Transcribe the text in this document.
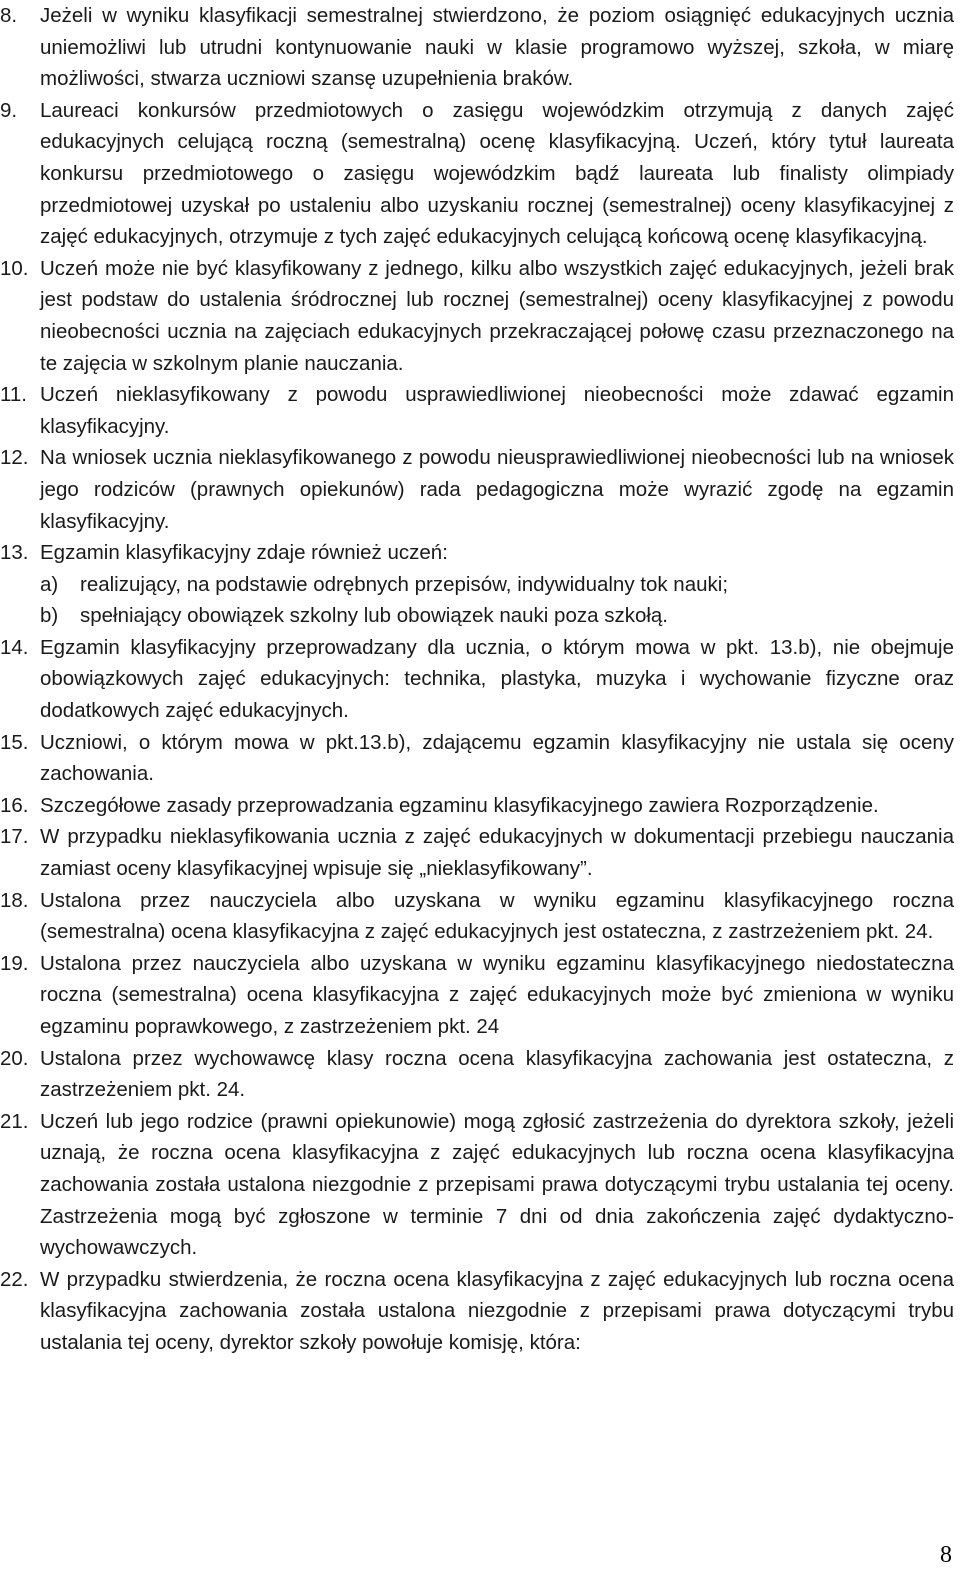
8. Jeżeli w wyniku klasyfikacji semestralnej stwierdzono, że poziom osiągnięć edukacyjnych ucznia uniemożliwi lub utrudni kontynuowanie nauki w klasie programowo wyższej, szkoła, w miarę możliwości, stwarza uczniowi szansę uzupełnienia braków.
9. Laureaci konkursów przedmiotowych o zasięgu wojewódzkim otrzymują z danych zajęć edukacyjnych celującą roczną (semestralną) ocenę klasyfikacyjną. Uczeń, który tytuł laureata konkursu przedmiotowego o zasięgu wojewódzkim bądź laureata lub finalisty olimpiady przedmiotowej uzyskał po ustaleniu albo uzyskaniu rocznej (semestralnej) oceny klasyfikacyjnej z zajęć edukacyjnych, otrzymuje z tych zajęć edukacyjnych celującą końcową ocenę klasyfikacyjną.
10. Uczeń może nie być klasyfikowany z jednego, kilku albo wszystkich zajęć edukacyjnych, jeżeli brak jest podstaw do ustalenia śródrocznej lub rocznej (semestralnej) oceny klasyfikacyjnej z powodu nieobecności ucznia na zajęciach edukacyjnych przekraczającej połowę czasu przeznaczonego na te zajęcia w szkolnym planie nauczania.
11. Uczeń nieklasyfikowany z powodu usprawiedliwionej nieobecności może zdawać egzamin klasyfikacyjny.
12. Na wniosek ucznia nieklasyfikowanego z powodu nieusprawiedliwionej nieobecności lub na wniosek jego rodziców (prawnych opiekunów) rada pedagogiczna może wyrazić zgodę na egzamin klasyfikacyjny.
13. Egzamin klasyfikacyjny zdaje również uczeń:
a) realizujący, na podstawie odrębnych przepisów, indywidualny tok nauki;
b) spełniający obowiązek szkolny lub obowiązek nauki poza szkołą.
14. Egzamin klasyfikacyjny przeprowadzany dla ucznia, o którym mowa w pkt. 13.b), nie obejmuje obowiązkowych zajęć edukacyjnych: technika, plastyka, muzyka i wychowanie fizyczne oraz dodatkowych zajęć edukacyjnych.
15. Uczniowi, o którym mowa w pkt.13.b), zdającemu egzamin klasyfikacyjny nie ustala się oceny zachowania.
16. Szczegółowe zasady przeprowadzania egzaminu klasyfikacyjnego zawiera Rozporządzenie.
17. W przypadku nieklasyfikowania ucznia z zajęć edukacyjnych w dokumentacji przebiegu nauczania zamiast oceny klasyfikacyjnej wpisuje się „nieklasyfikowany”.
18. Ustalona przez nauczyciela albo uzyskana w wyniku egzaminu klasyfikacyjnego roczna (semestralna) ocena klasyfikacyjna z zajęć edukacyjnych jest ostateczna, z zastrzeżeniem pkt. 24.
19. Ustalona przez nauczyciela albo uzyskana w wyniku egzaminu klasyfikacyjnego niedostateczna roczna (semestralna) ocena klasyfikacyjna z zajęć edukacyjnych może być zmieniona w wyniku egzaminu poprawkowego, z zastrzeżeniem pkt. 24
20. Ustalona przez wychowawcę klasy roczna ocena klasyfikacyjna zachowania jest ostateczna, z zastrzeżeniem pkt. 24.
21. Uczeń lub jego rodzice (prawni opiekunowie) mogą zgłosić zastrzeżenia do dyrektora szkoły, jeżeli uznają, że roczna ocena klasyfikacyjna z zajęć edukacyjnych lub roczna ocena klasyfikacyjna zachowania została ustalona niezgodnie z przepisami prawa dotyczącymi trybu ustalania tej oceny. Zastrzeżenia mogą być zgłoszone w terminie 7 dni od dnia zakończenia zajęć dydaktyczno-wychowawczych.
22. W przypadku stwierdzenia, że roczna ocena klasyfikacyjna z zajęć edukacyjnych lub roczna ocena klasyfikacyjna zachowania została ustalona niezgodnie z przepisami prawa dotyczącymi trybu ustalania tej oceny, dyrektor szkoły powołuje komisję, która:
8
